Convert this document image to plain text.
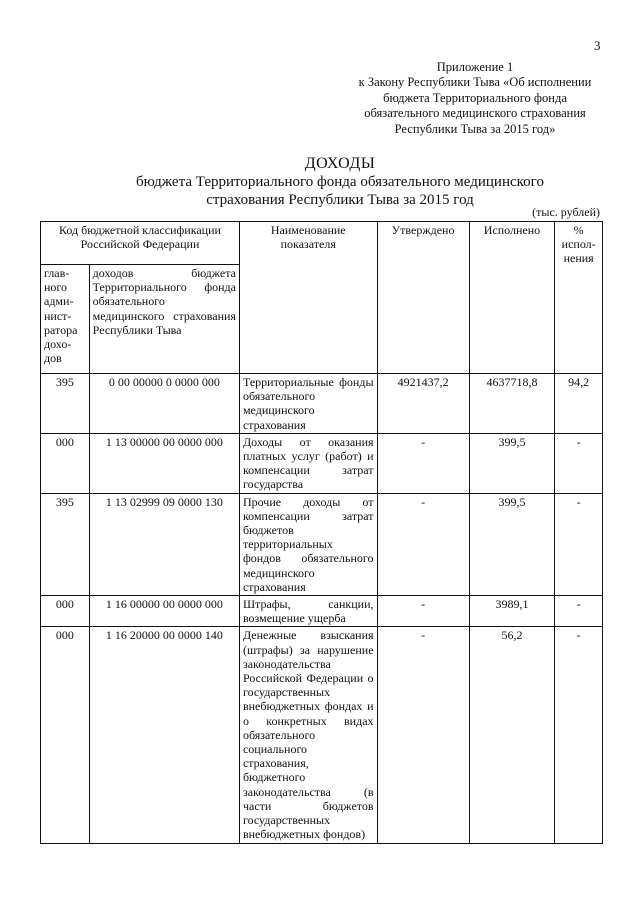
3
Приложение 1
к Закону Республики Тыва «Об исполнении
бюджета Территориального фонда
обязательного медицинского страхования
Республики Тыва за 2015 год»
ДОХОДЫ
бюджета Территориального фонда обязательного медицинского
страхования Республики Тыва за 2015 год
(тыс. рублей)
Код бюджетной классификации Российской Федерации		Наименование показателя	Утверждено	Исполнено	% испол-нения
глав-ного адми-нист-ратора дохо-дов	доходов бюджета Территориального фонда обязательного медицинского страхования Республики Тыва				
395	0 00 00000 0 0000 000	Территориальные фонды обязательного медицинского страхования	4921437,2	4637718,8	94,2
000	1 13 00000 00 0000 000	Доходы от оказания платных услуг (работ) и компенсации затрат государства	-	399,5	-
395	1 13 02999 09 0000 130	Прочие доходы от компенсации затрат бюджетов территориальных фондов обязательного медицинского страхования	-	399,5	-
000	1 16 00000 00 0000 000	Штрафы, санкции, возмещение ущерба	-	3989,1	-
000	1 16 20000 00 0000 140	Денежные взыскания (штрафы) за нарушение законодательства Российской Федерации о государственных внебюджетных фондах и о конкретных видах обязательного социального страхования, бюджетного законодательства (в части бюджетов государственных внебюджетных фондов)	-	56,2	-
